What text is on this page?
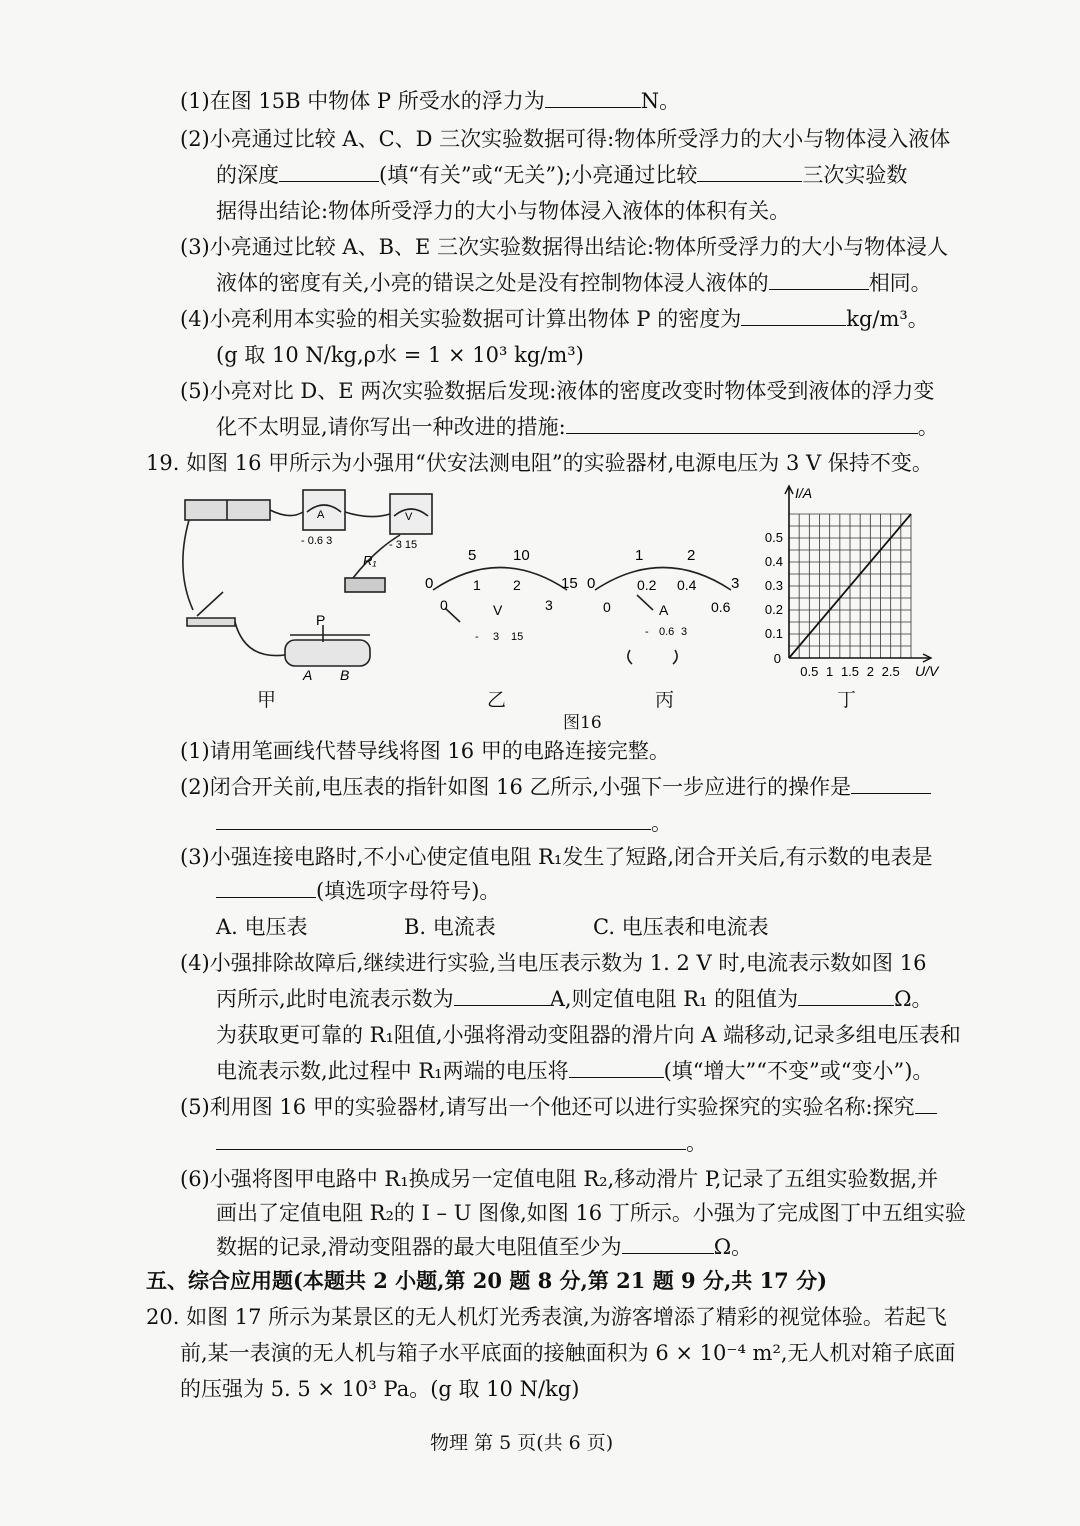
(1)在图 15B 中物体 P 所受水的浮力为	N。
(2)小亮通过比较 A、C、D 三次实验数据可得:物体所受浮力的大小与物体浸入液体
的深度	(填“有关”或“无关”);小亮通过比较	三次实验数
据得出结论:物体所受浮力的大小与物体浸入液体的体积有关。
(3)小亮通过比较 A、B、E 三次实验数据得出结论:物体所受浮力的大小与物体浸人
液体的密度有关,小亮的错误之处是没有控制物体浸人液体的	相同。
(4)小亮利用本实验的相关实验数据可计算出物体 P 的密度为	kg/m³。
(g 取 10 N/kg,ρ水 = 1 × 10³ kg/m³)
(5)小亮对比 D、E 两次实验数据后发现:液体的密度改变时物体受到液体的浮力变
化不太明显,请你写出一种改进的措施:	。
19. 如图 16 甲所示为小强用“伏安法测电阻”的实验器材,电源电压为 3 V 保持不变。
R₁
P
A B
A	V
- 0.6 3	- 3 15
0
5 10
15
0
1 2
3
V
- 3 15
0
1	2
3
0
0.2 0.4
0.6
A
- 0.6 3
0.5 1 1.5 2 2.5
0.1
0.2
0.3
0.4
0.5
0
U/V
I/A
甲	乙	丙	丁
图16
(1)请用笔画线代替导线将图 16 甲的电路连接完整。
(2)闭合开关前,电压表的指针如图 16 乙所示,小强下一步应进行的操作是
。
(3)小强连接电路时,不小心使定值电阻 R₁发生了短路,闭合开关后,有示数的电表是
(填选项字母符号)。
A. 电压表	B. 电流表	C. 电压表和电流表
(4)小强排除故障后,继续进行实验,当电压表示数为 1. 2 V 时,电流表示数如图 16
丙所示,此时电流表示数为	A,则定值电阻 R₁ 的阻值为	Ω。
为获取更可靠的 R₁阻值,小强将滑动变阻器的滑片向 A 端移动,记录多组电压表和
电流表示数,此过程中 R₁两端的电压将	(填“增大”“不变”或“变小”)。
(5)利用图 16 甲的实验器材,请写出一个他还可以进行实验探究的实验名称:探究
。
(6)小强将图甲电路中 R₁换成另一定值电阻 R₂,移动滑片 P,记录了五组实验数据,并
画出了定值电阻 R₂的 I – U 图像,如图 16 丁所示。小强为了完成图丁中五组实验
数据的记录,滑动变阻器的最大电阻值至少为	Ω。
五、综合应用题(本题共 2 小题,第 20 题 8 分,第 21 题 9 分,共 17 分)
20. 如图 17 所示为某景区的无人机灯光秀表演,为游客增添了精彩的视觉体验。若起飞
前,某一表演的无人机与箱子水平底面的接触面积为 6 × 10⁻⁴ m²,无人机对箱子底面
的压强为 5. 5 × 10³ Pa。(g 取 10 N/kg)
物理 第 5 页(共 6 页)
